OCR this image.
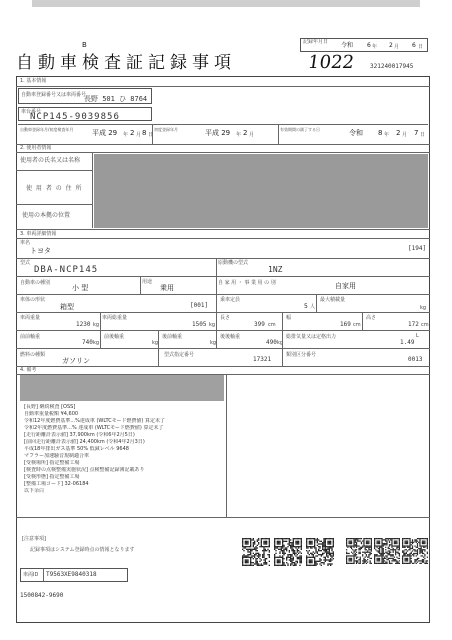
B
自動車検査証記録事項
記録年月日 令和 6 年 2 月 6 日
1022 321240017945
1. 基本情報
自動車登録番号又は車両番号
長野 501 ひ 8764
車台番号
NCP145-9039856
自動車登録年月/初度検査年月	平成 29 年 2 月 8 日
初度登録年月	平成 29 年 2 月
有効期間の満了する日	令和 8 年 2 月 7 日
2. 使用者情報
使用者の氏名又は名称
使 用 者 の 住 所
使用の本拠の位置
3. 車両詳細情報
車名
トヨタ	[194]
型式
DBA-NCP145
原動機の型式
1NZ
自動車の種別
小 型
用途
乗用
自 家 用 ・ 事 業 用 の 別	自家用
車体の形状
箱型	[001]
乗車定員
5 人
最大積載量
kg
車両重量
1230 kg
車両総重量
1505 kg
長さ
399 cm
幅
169 cm
高さ
172 cm
前前軸重
740 kg
前後軸重
kg
後前軸重
kg
後後軸重
490 kg
総排気量又は定格出力
1.49
L
燃料の種類
ガソリン
型式指定番号
17321
類別区分番号
0013
4. 備考
[長野] 継続検査 [OSS]
自動車重量税額 ¥4,600
令和12年度燃費基準...%達成車 (WLTCモード燃費値) 算定未了
令和2年度燃費基準...% 達成車 (WLTCモード燃費値) 算定未了
[走行距離計表示値] 37,900km (令和6年2月5日)
[前回走行距離計表示値] 24,400km (令和4年2月3日)
平成18年排出ガス基準 50% 低減レベル 9648
マフラー加速騒音規制適合車
[受検場所] 指定整備工場
[検査時の点検整備実施状況] 点検整備記録簿記載あり
[受検形態] 指定整備工場
[整備工場コード] 32-06184
以下余白
[注意事項]
記録事項はシステム登録時点の情報となります
車両ID T9563XE9840318
1500842-9690
